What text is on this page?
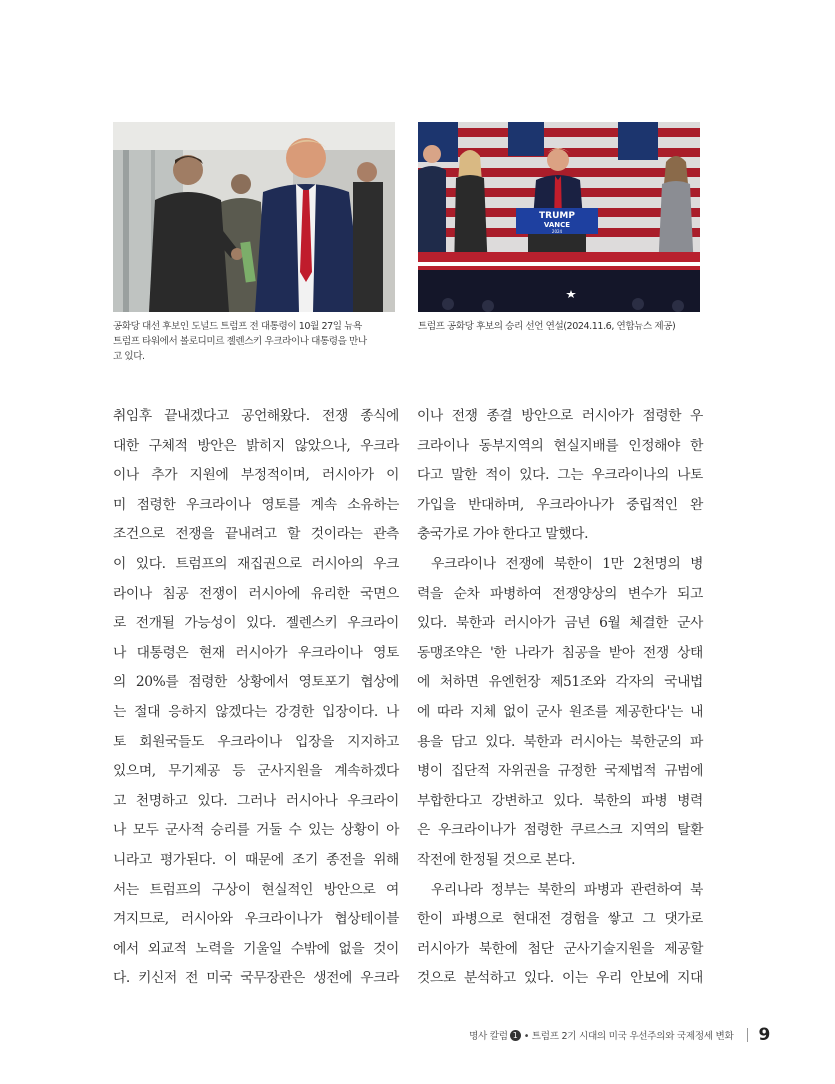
TRUMP
VANCE
2024
공화당 대선 후보인 도널드 트럼프 전 대통령이 10월 27일 뉴욕
트럼프 타워에서 볼로디미르 젤렌스키 우크라이나 대통령을 만나
고 있다.
트럼프 공화당 후보의 승리 선언 연설(2024.11.6, 연합뉴스 제공)
취임후 끝내겠다고 공언해왔다. 전쟁 종식에
대한 구체적 방안은 밝히지 않았으나, 우크라
이나 추가 지원에 부정적이며, 러시아가 이
미 점령한 우크라이나 영토를 계속 소유하는
조건으로 전쟁을 끝내려고 할 것이라는 관측
이 있다. 트럼프의 재집권으로 러시아의 우크
라이나 침공 전쟁이 러시아에 유리한 국면으
로 전개될 가능성이 있다. 젤렌스키 우크라이
나 대통령은 현재 러시아가 우크라이나 영토
의 20%를 점령한 상황에서 영토포기 협상에
는 절대 응하지 않겠다는 강경한 입장이다. 나
토 회원국들도 우크라이나 입장을 지지하고
있으며, 무기제공 등 군사지원을 계속하겠다
고 천명하고 있다. 그러나 러시아나 우크라이
나 모두 군사적 승리를 거둘 수 있는 상황이 아
니라고 평가된다. 이 때문에 조기 종전을 위해
서는 트럼프의 구상이 현실적인 방안으로 여
겨지므로, 러시아와 우크라이나가 협상테이블
에서 외교적 노력을 기울일 수밖에 없을 것이
다. 키신저 전 미국 국무장관은 생전에 우크라
이나 전쟁 종결 방안으로 러시아가 점령한 우
크라이나 동부지역의 현실지배를 인정해야 한
다고 말한 적이 있다. 그는 우크라이나의 나토
가입을 반대하며, 우크라아나가 중립적인 완
충국가로 가야 한다고 말했다.
우크라이나 전쟁에 북한이 1만 2천명의 병
력을 순차 파병하여 전쟁양상의 변수가 되고
있다. 북한과 러시아가 금년 6월 체결한 군사
동맹조약은 '한 나라가 침공을 받아 전쟁 상태
에 처하면 유엔헌장 제51조와 각자의 국내법
에 따라 지체 없이 군사 원조를 제공한다'는 내
용을 담고 있다. 북한과 러시아는 북한군의 파
병이 집단적 자위권을 규정한 국제법적 규범에
부합한다고 강변하고 있다. 북한의 파병 병력
은 우크라이나가 점령한 쿠르스크 지역의 탈환
작전에 한정될 것으로 본다.
우리나라 정부는 북한의 파병과 관련하여 북
한이 파병으로 현대전 경험을 쌓고 그 댓가로
러시아가 북한에 첨단 군사기술지원을 제공할
것으로 분석하고 있다. 이는 우리 안보에 지대
명사 칼럼 1 • 트럼프 2기 시대의 미국 우선주의와 국제정세 변화 9
